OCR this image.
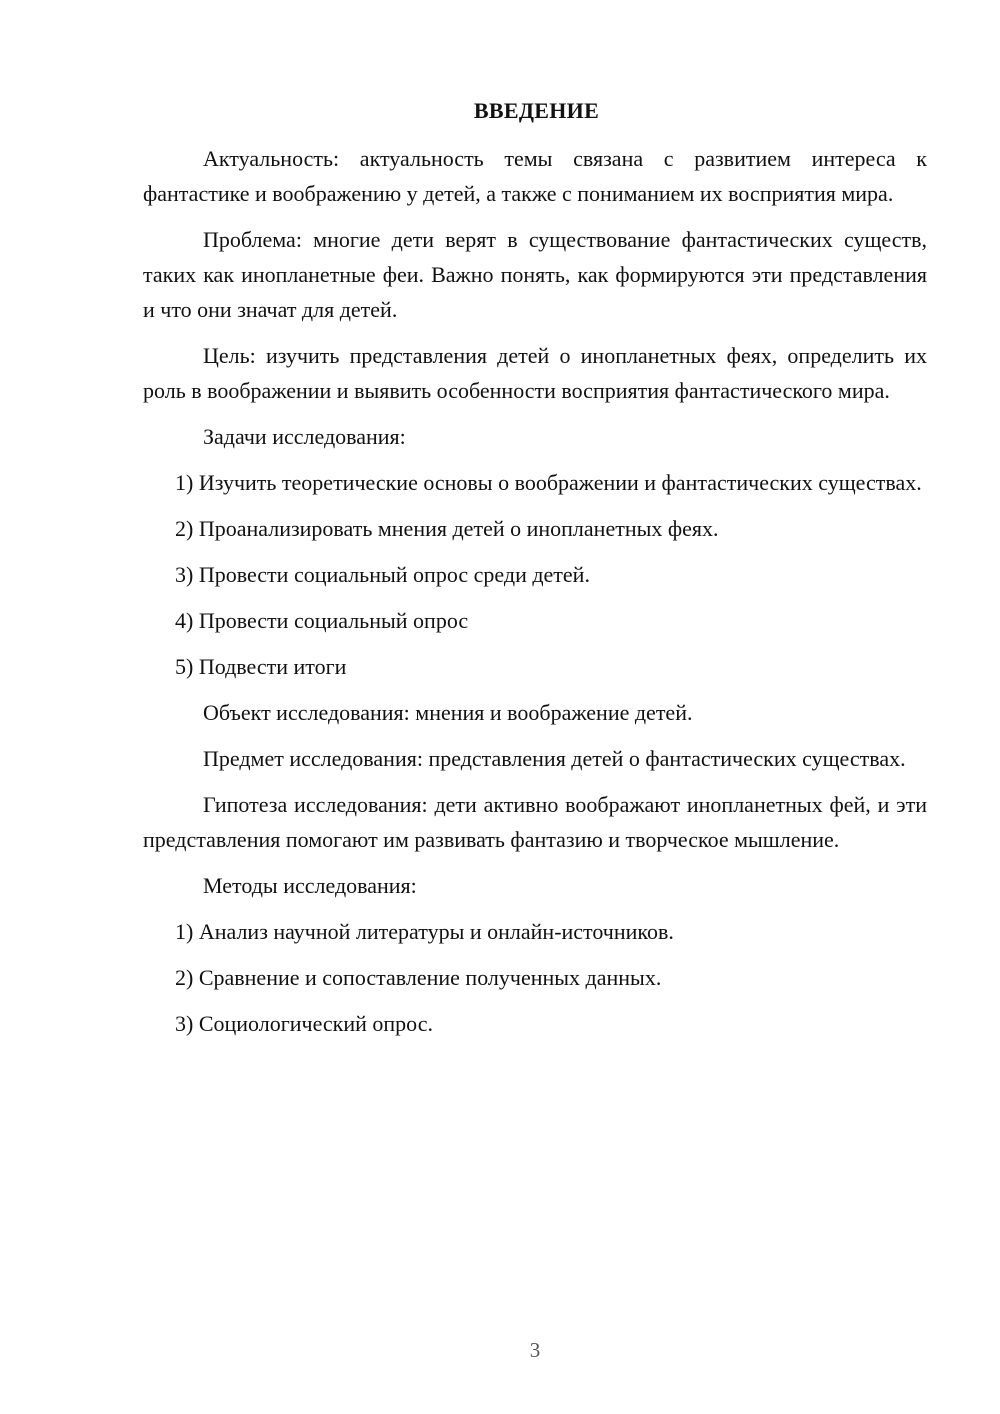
ВВЕДЕНИЕ

Актуальность: актуальность темы связана с развитием интереса к фантастике и воображению у детей, а также с пониманием их восприятия мира.

Проблема: многие дети верят в существование фантастических существ, таких как инопланетные феи. Важно понять, как формируются эти представления и что они значат для детей.

Цель: изучить представления детей о инопланетных феях, определить их роль в воображении и выявить особенности восприятия фантастического мира.

Задачи исследования:

1) Изучить теоретические основы о воображении и фантастических существах.

2) Проанализировать мнения детей о инопланетных феях.

3) Провести социальный опрос среди детей.

4) Провести социальный опрос

5) Подвести итоги

Объект исследования: мнения и воображение детей.

Предмет исследования: представления детей о фантастических существах.

Гипотеза исследования: дети активно воображают инопланетных фей, и эти представления помогают им развивать фантазию и творческое мышление.

Методы исследования:

1) Анализ научной литературы и онлайн-источников.

2) Сравнение и сопоставление полученных данных.

3) Социологический опрос.

3
